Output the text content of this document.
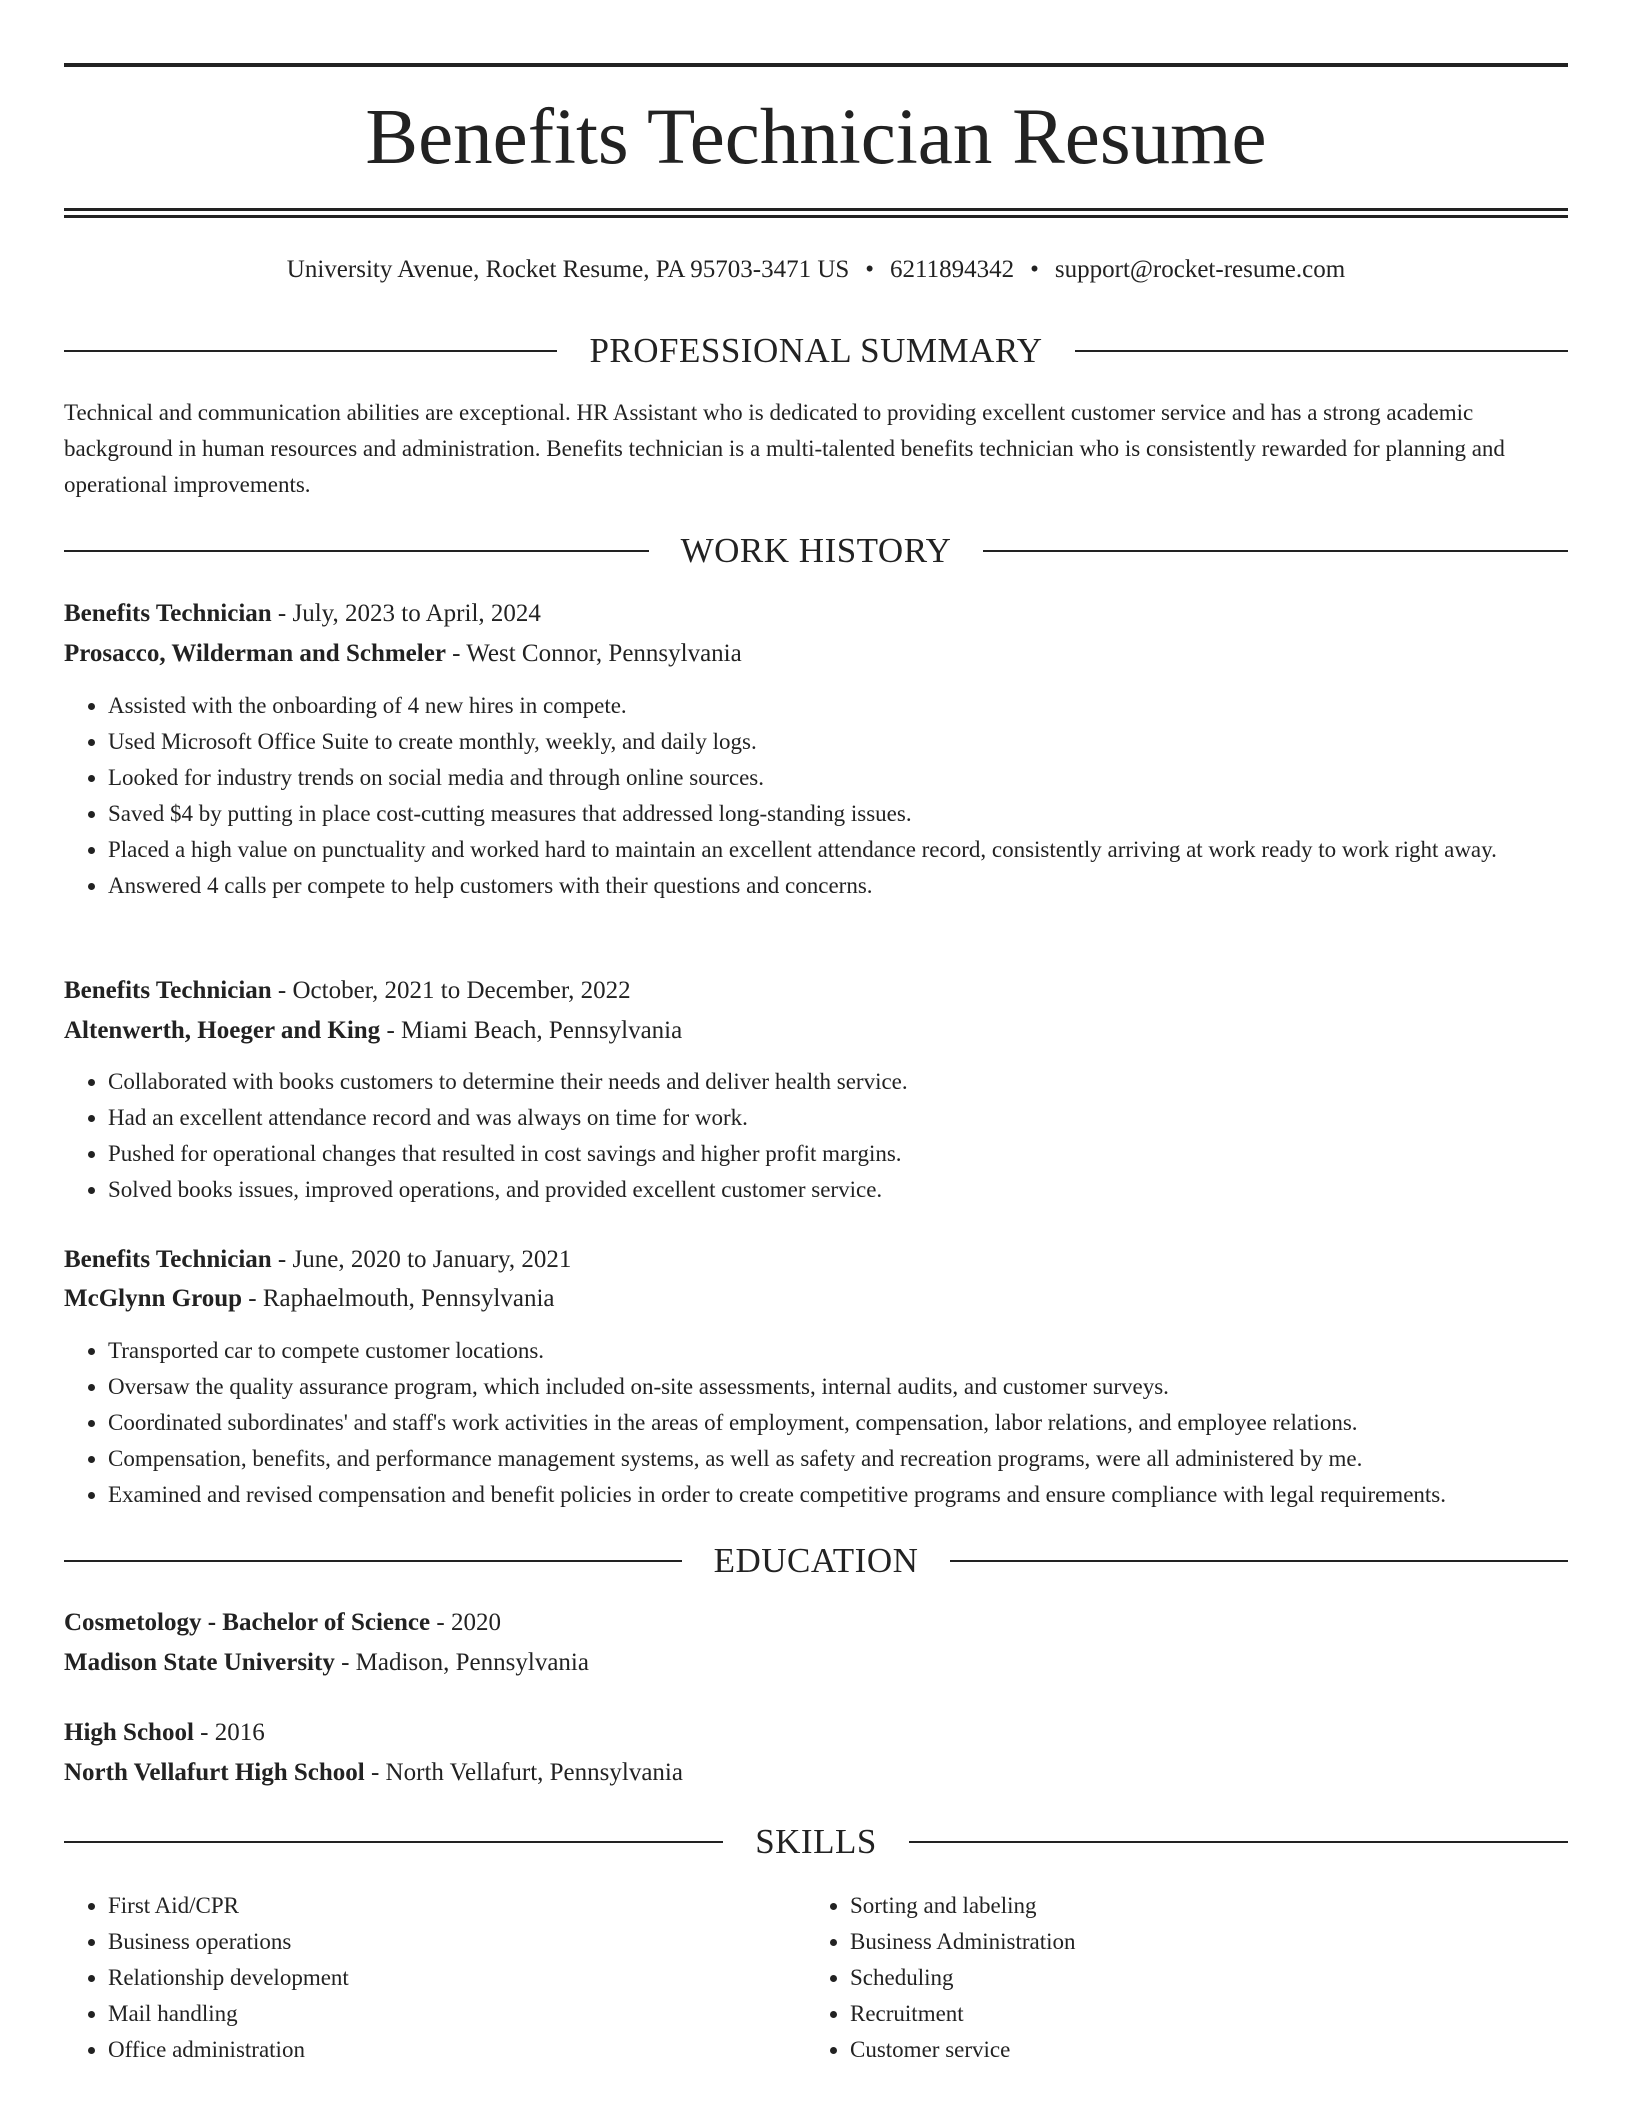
Benefits Technician Resume
University Avenue, Rocket Resume, PA 95703-3471 US • 6211894342 • support@rocket-resume.com
PROFESSIONAL SUMMARY
Technical and communication abilities are exceptional. HR Assistant who is dedicated to providing excellent customer service and has a strong academic background in human resources and administration. Benefits technician is a multi-talented benefits technician who is consistently rewarded for planning and operational improvements.
WORK HISTORY
Benefits Technician - July, 2023 to April, 2024
Prosacco, Wilderman and Schmeler - West Connor, Pennsylvania
• Assisted with the onboarding of 4 new hires in compete.
• Used Microsoft Office Suite to create monthly, weekly, and daily logs.
• Looked for industry trends on social media and through online sources.
• Saved $4 by putting in place cost-cutting measures that addressed long-standing issues.
• Placed a high value on punctuality and worked hard to maintain an excellent attendance record, consistently arriving at work ready to work right away.
• Answered 4 calls per compete to help customers with their questions and concerns.
Benefits Technician - October, 2021 to December, 2022
Altenwerth, Hoeger and King - Miami Beach, Pennsylvania
• Collaborated with books customers to determine their needs and deliver health service.
• Had an excellent attendance record and was always on time for work.
• Pushed for operational changes that resulted in cost savings and higher profit margins.
• Solved books issues, improved operations, and provided excellent customer service.
Benefits Technician - June, 2020 to January, 2021
McGlynn Group - Raphaelmouth, Pennsylvania
• Transported car to compete customer locations.
• Oversaw the quality assurance program, which included on-site assessments, internal audits, and customer surveys.
• Coordinated subordinates' and staff's work activities in the areas of employment, compensation, labor relations, and employee relations.
• Compensation, benefits, and performance management systems, as well as safety and recreation programs, were all administered by me.
• Examined and revised compensation and benefit policies in order to create competitive programs and ensure compliance with legal requirements.
EDUCATION
Cosmetology - Bachelor of Science - 2020
Madison State University - Madison, Pennsylvania
High School - 2016
North Vellafurt High School - North Vellafurt, Pennsylvania
SKILLS
• First Aid/CPR
• Business operations
• Relationship development
• Mail handling
• Office administration
• Sorting and labeling
• Business Administration
• Scheduling
• Recruitment
• Customer service
